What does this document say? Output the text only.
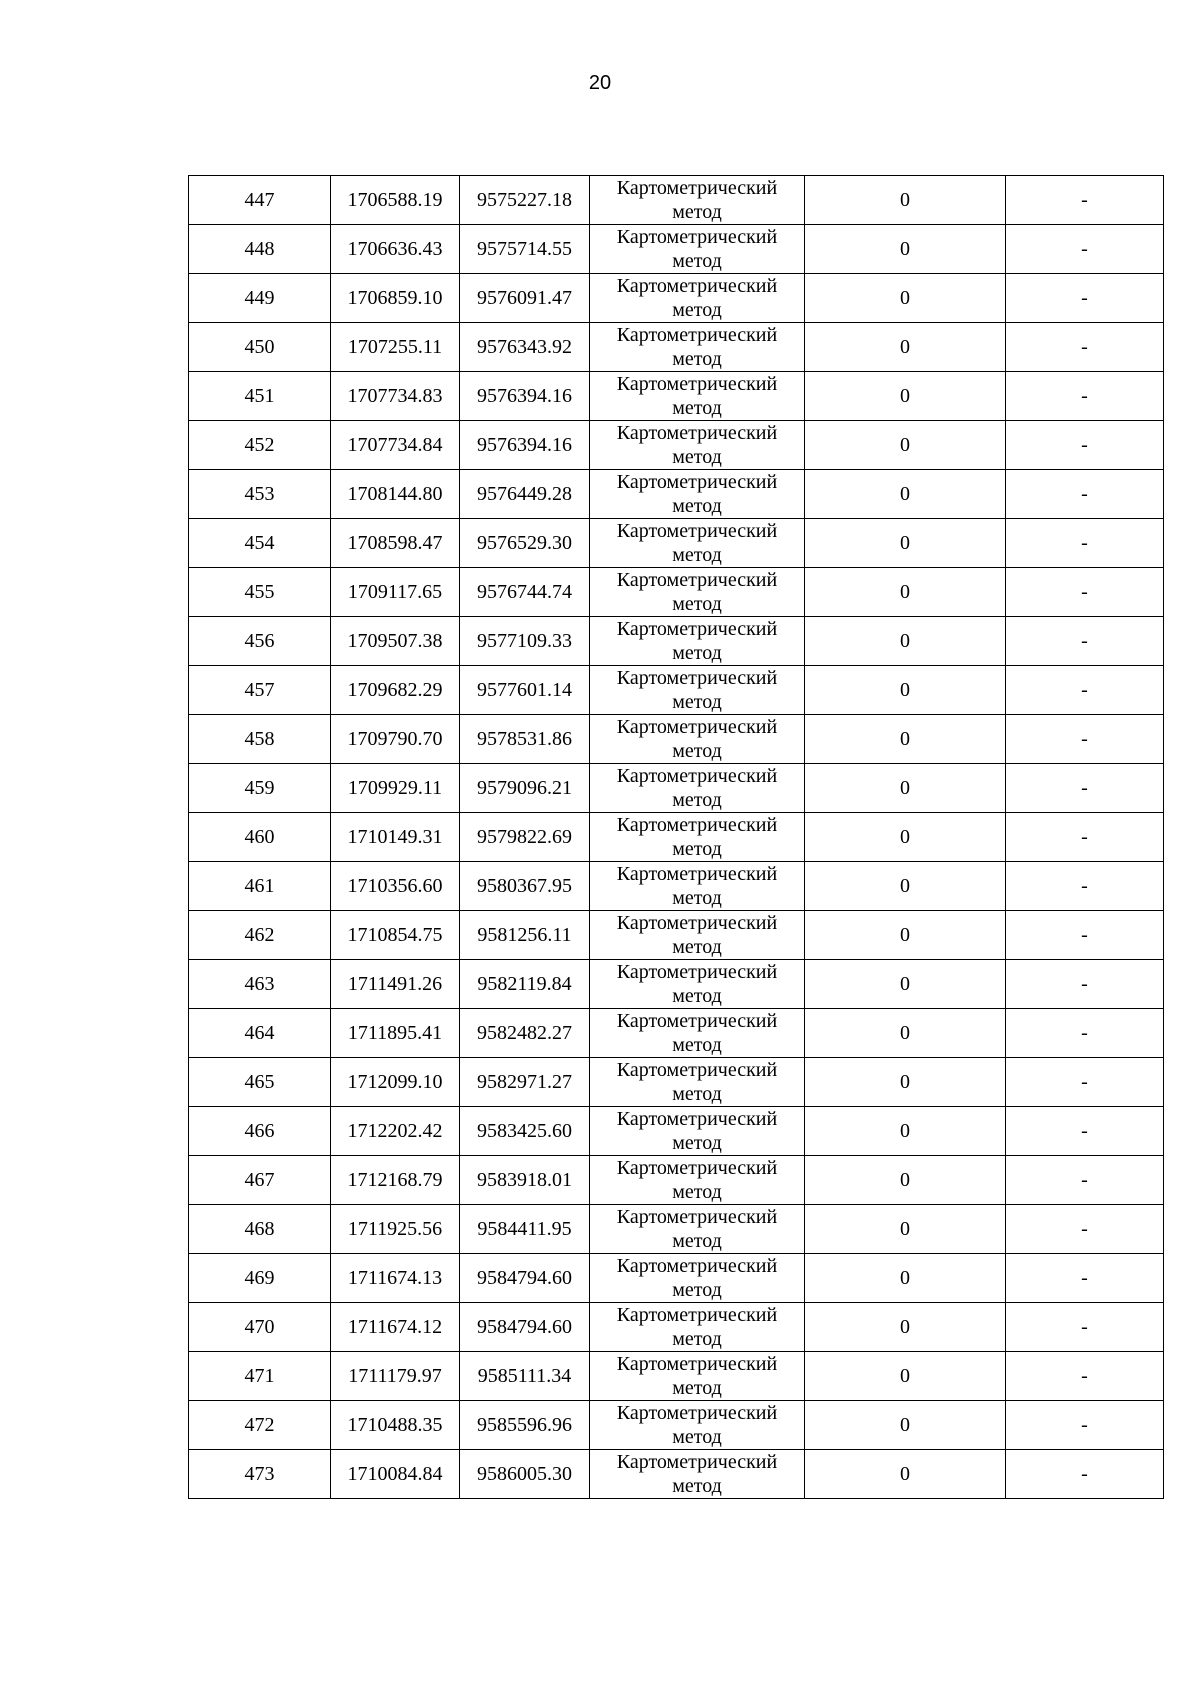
20
447	1706588.19	9575227.18	Картометрический метод	0	-
448	1706636.43	9575714.55	Картометрический метод	0	-
449	1706859.10	9576091.47	Картометрический метод	0	-
450	1707255.11	9576343.92	Картометрический метод	0	-
451	1707734.83	9576394.16	Картометрический метод	0	-
452	1707734.84	9576394.16	Картометрический метод	0	-
453	1708144.80	9576449.28	Картометрический метод	0	-
454	1708598.47	9576529.30	Картометрический метод	0	-
455	1709117.65	9576744.74	Картометрический метод	0	-
456	1709507.38	9577109.33	Картометрический метод	0	-
457	1709682.29	9577601.14	Картометрический метод	0	-
458	1709790.70	9578531.86	Картометрический метод	0	-
459	1709929.11	9579096.21	Картометрический метод	0	-
460	1710149.31	9579822.69	Картометрический метод	0	-
461	1710356.60	9580367.95	Картометрический метод	0	-
462	1710854.75	9581256.11	Картометрический метод	0	-
463	1711491.26	9582119.84	Картометрический метод	0	-
464	1711895.41	9582482.27	Картометрический метод	0	-
465	1712099.10	9582971.27	Картометрический метод	0	-
466	1712202.42	9583425.60	Картометрический метод	0	-
467	1712168.79	9583918.01	Картометрический метод	0	-
468	1711925.56	9584411.95	Картометрический метод	0	-
469	1711674.13	9584794.60	Картометрический метод	0	-
470	1711674.12	9584794.60	Картометрический метод	0	-
471	1711179.97	9585111.34	Картометрический метод	0	-
472	1710488.35	9585596.96	Картометрический метод	0	-
473	1710084.84	9586005.30	Картометрический метод	0	-
